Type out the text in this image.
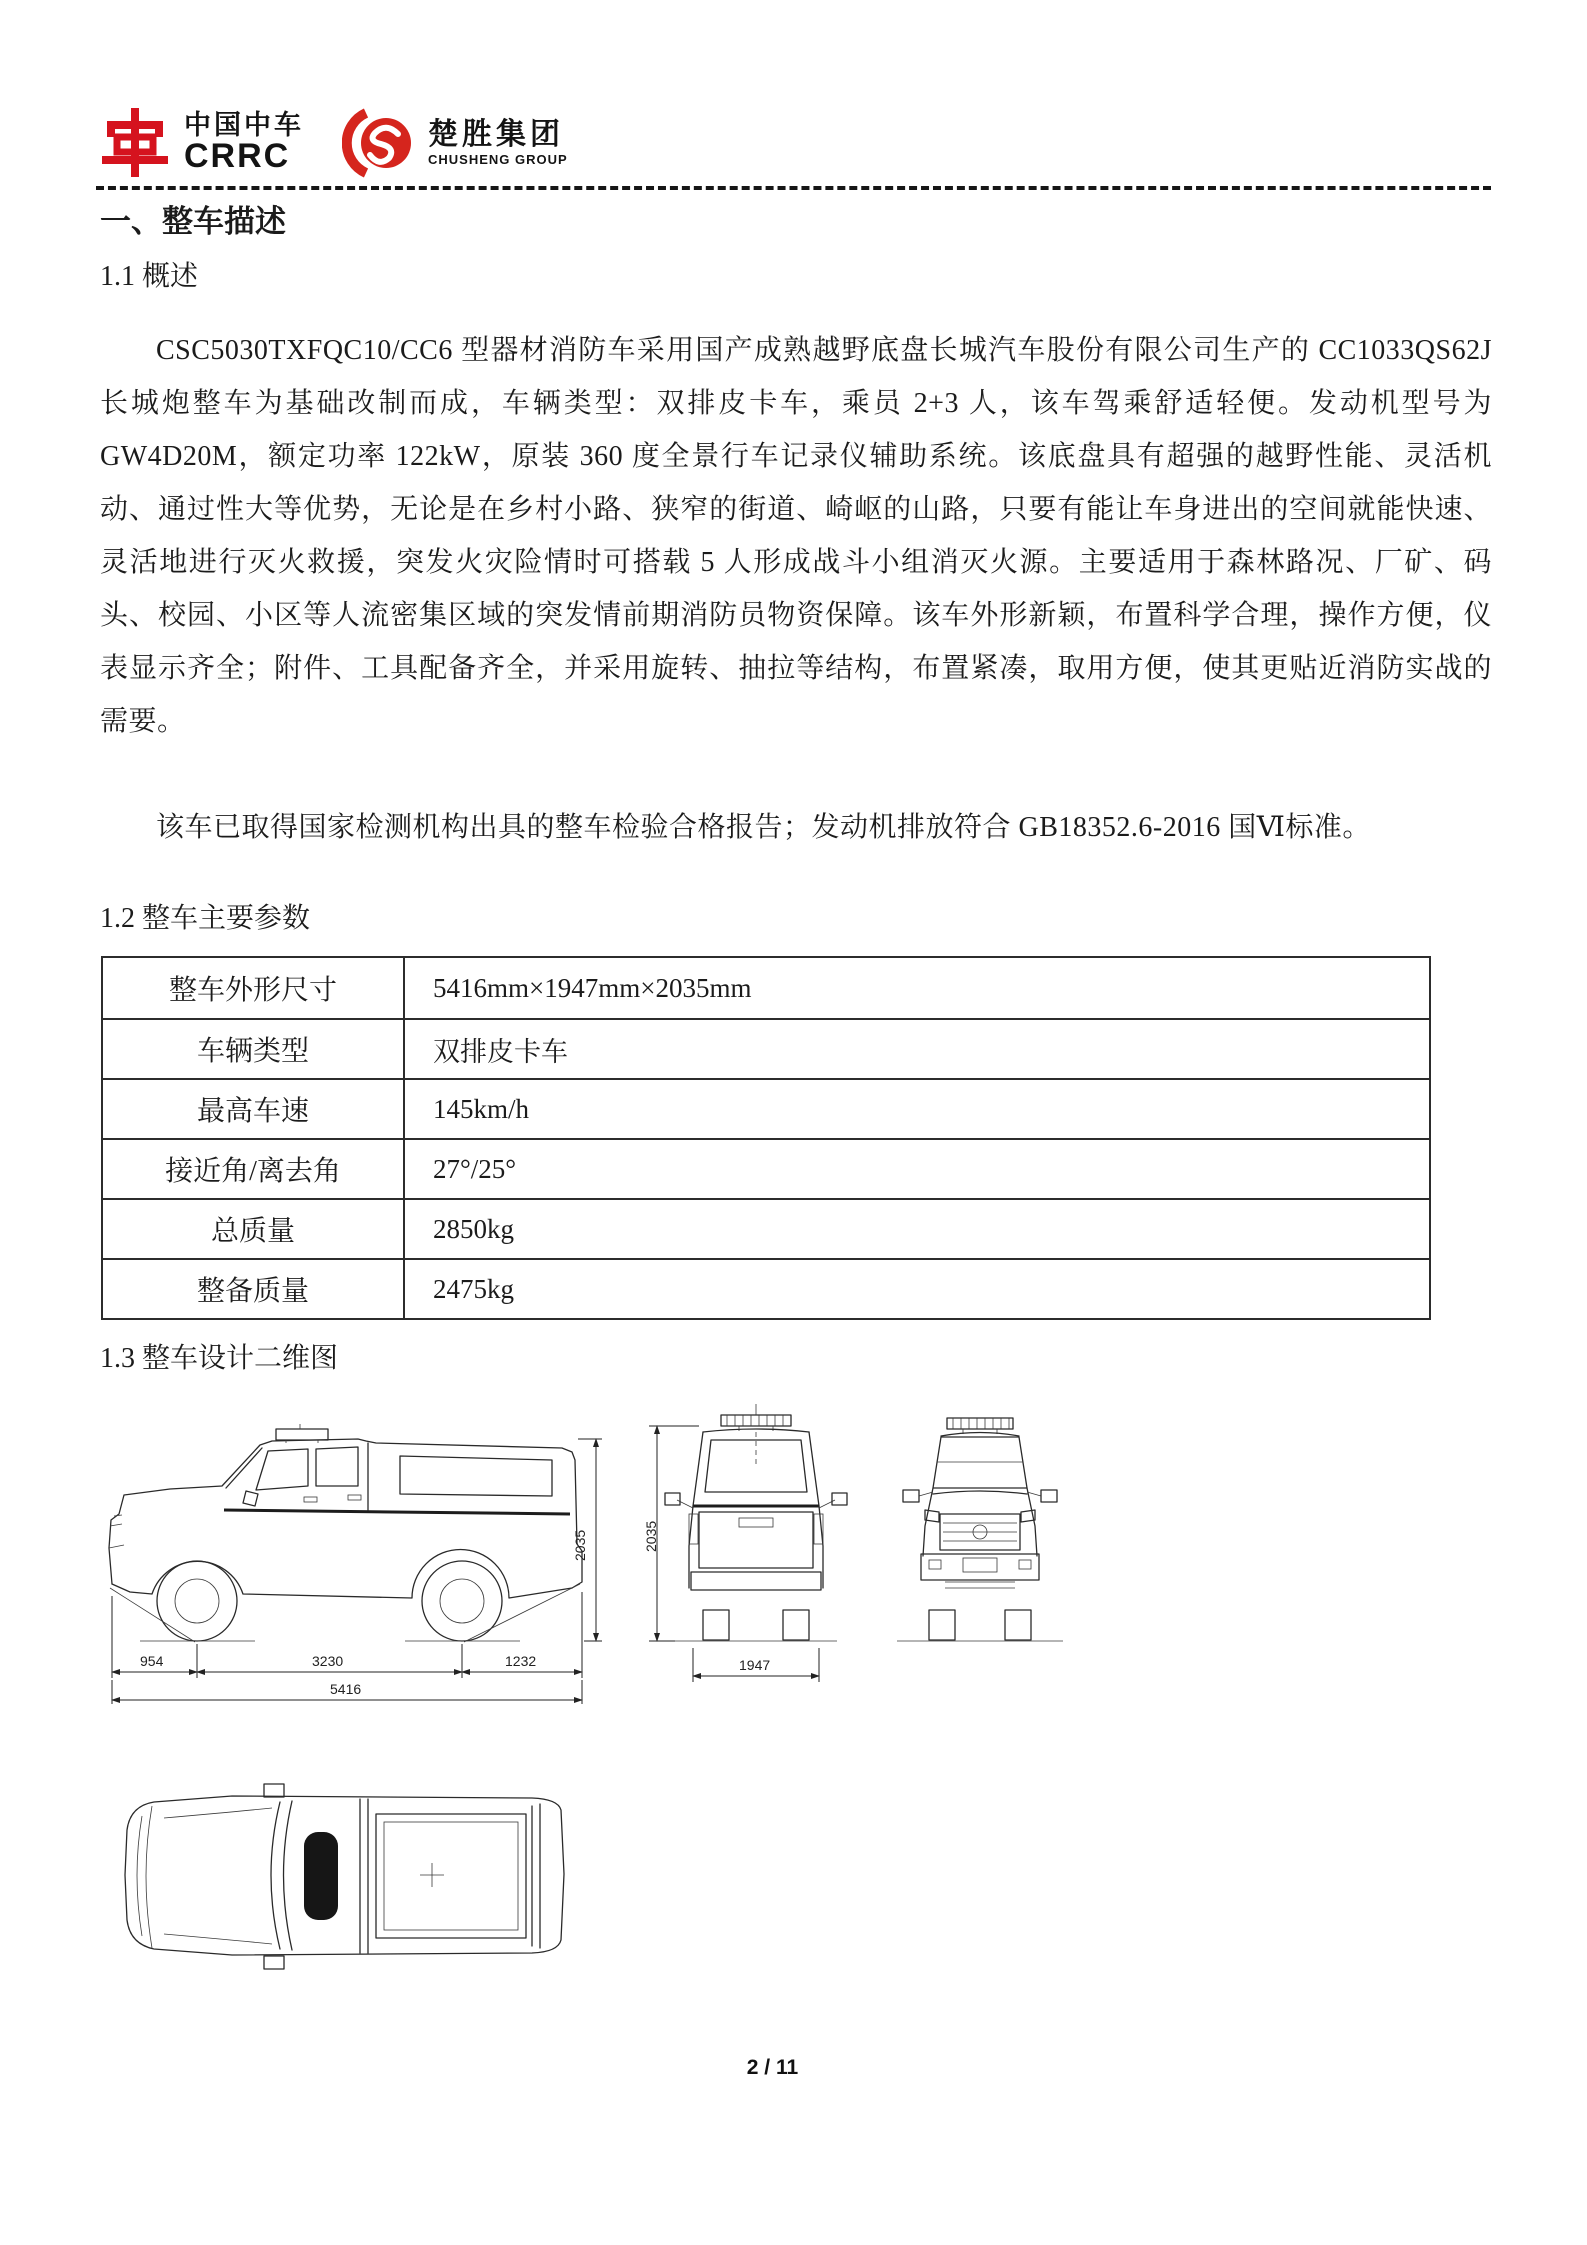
中国中车
CRRC
楚胜集团
CHUSHENG GROUP
一、整车描述
1.1 概述

CSC5030TXFQC10/CC6 型器材消防车采用国产成熟越野底盘长城汽车股份有限公司生产的 CC1033QS62J 长城炮整车为基础改制而成，车辆类型：双排皮卡车，乘员 2+3 人，该车驾乘舒适轻便。发动机型号为 GW4D20M，额定功率 122kW，原装 360 度全景行车记录仪辅助系统。该底盘具有超强的越野性能、灵活机动、通过性大等优势，无论是在乡村小路、狭窄的街道、崎岖的山路，只要有能让车身进出的空间就能快速、灵活地进行灭火救援，突发火灾险情时可搭载 5 人形成战斗小组消灭火源。主要适用于森林路况、厂矿、码头、校园、小区等人流密集区域的突发情前期消防员物资保障。该车外形新颖，布置科学合理，操作方便，仪表显示齐全；附件、工具配备齐全，并采用旋转、抽拉等结构，布置紧凑，取用方便，使其更贴近消防实战的需要。

该车已取得国家检测机构出具的整车检验合格报告；发动机排放符合 GB18352.6-2016 国Ⅵ标准。

1.2 整车主要参数
整车外形尺寸	5416mm×1947mm×2035mm
车辆类型	双排皮卡车
最高车速	145km/h
接近角/离去角	27°/25°
总质量	2850kg
整备质量	2475kg
1.3 整车设计二维图
954	3230	1232
5416
2035	2035
1947
2 / 11
